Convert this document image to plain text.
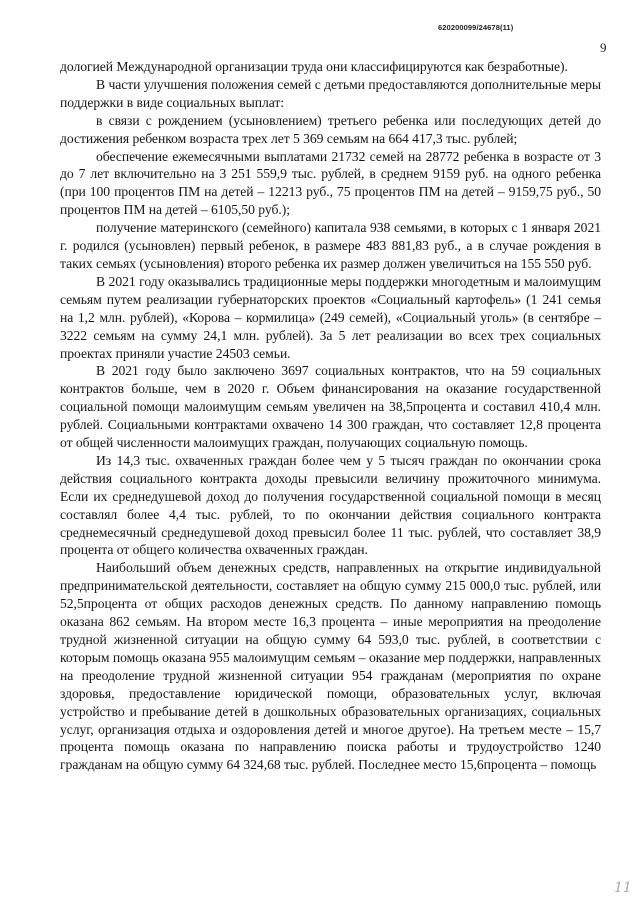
620200099/24678(11)
9

дологией Международной организации труда они классифицируются как безработные).

В части улучшения положения семей с детьми предоставляются дополнительные меры поддержки в виде социальных выплат:

в связи с рождением (усыновлением) третьего ребенка или последующих детей до достижения ребенком возраста трех лет 5 369 семьям на 664 417,3 тыс. рублей;

обеспечение ежемесячными выплатами 21732 семей на 28772 ребенка в возрасте от 3 до 7 лет включительно на 3 251 559,9 тыс. рублей, в среднем 9159 руб. на одного ребенка (при 100 процентов ПМ на детей – 12213 руб., 75 процентов ПМ на детей – 9159,75 руб., 50 процентов ПМ на детей – 6105,50 руб.);

получение материнского (семейного) капитала 938 семьями, в которых с 1 января 2021 г. родился (усыновлен) первый ребенок, в размере 483 881,83 руб., а в случае рождения в таких семьях (усыновления) второго ребенка их размер должен увеличиться на 155 550 руб.

В 2021 году оказывались традиционные меры поддержки многодетным и малоимущим семьям путем реализации губернаторских проектов «Социальный картофель» (1 241 семья на 1,2 млн. рублей), «Корова – кормилица» (249 семей), «Социальный уголь» (в сентябре – 3222 семьям на сумму 24,1 млн. рублей). За 5 лет реализации во всех трех социальных проектах приняли участие 24503 семьи.

В 2021 году было заключено 3697 социальных контрактов, что на 59 социальных контрактов больше, чем в 2020 г. Объем финансирования на оказание государственной социальной помощи малоимущим семьям увеличен на 38,5процента и составил 410,4 млн. рублей. Социальными контрактами охвачено 14 300 граждан, что составляет 12,8 процента от общей численности малоимущих граждан, получающих социальную помощь.

Из 14,3 тыс. охваченных граждан более чем у 5 тысяч граждан по окончании срока действия социального контракта доходы превысили величину прожиточного минимума. Если их среднедушевой доход до получения государственной социальной помощи в месяц составлял более 4,4 тыс. рублей, то по окончании действия социального контракта среднемесячный среднедушевой доход превысил более 11 тыс. рублей, что составляет 38,9 процента от общего количества охваченных граждан.

Наибольший объем денежных средств, направленных на открытие индивидуальной предпринимательской деятельности, составляет на общую сумму 215 000,0 тыс. рублей, или 52,5процента от общих расходов денежных средств. По данному направлению помощь оказана 862 семьям. На втором месте 16,3 процента – иные мероприятия на преодоление трудной жизненной ситуации на общую сумму 64 593,0 тыс. рублей, в соответствии с которым помощь оказана 955 малоимущим семьям – оказание мер поддержки, направленных на преодоление трудной жизненной ситуации 954 гражданам (мероприятия по охране здоровья, предоставление юридической помощи, образовательных услуг, включая устройство и пребывание детей в дошкольных образовательных организациях, социальных услуг, организация отдыха и оздоровления детей и многое другое). На третьем месте – 15,7 процента помощь оказана по направлению поиска работы и трудоустройство 1240 гражданам на общую сумму 64 324,68 тыс. рублей. Последнее место 15,6процента – помощь

11
